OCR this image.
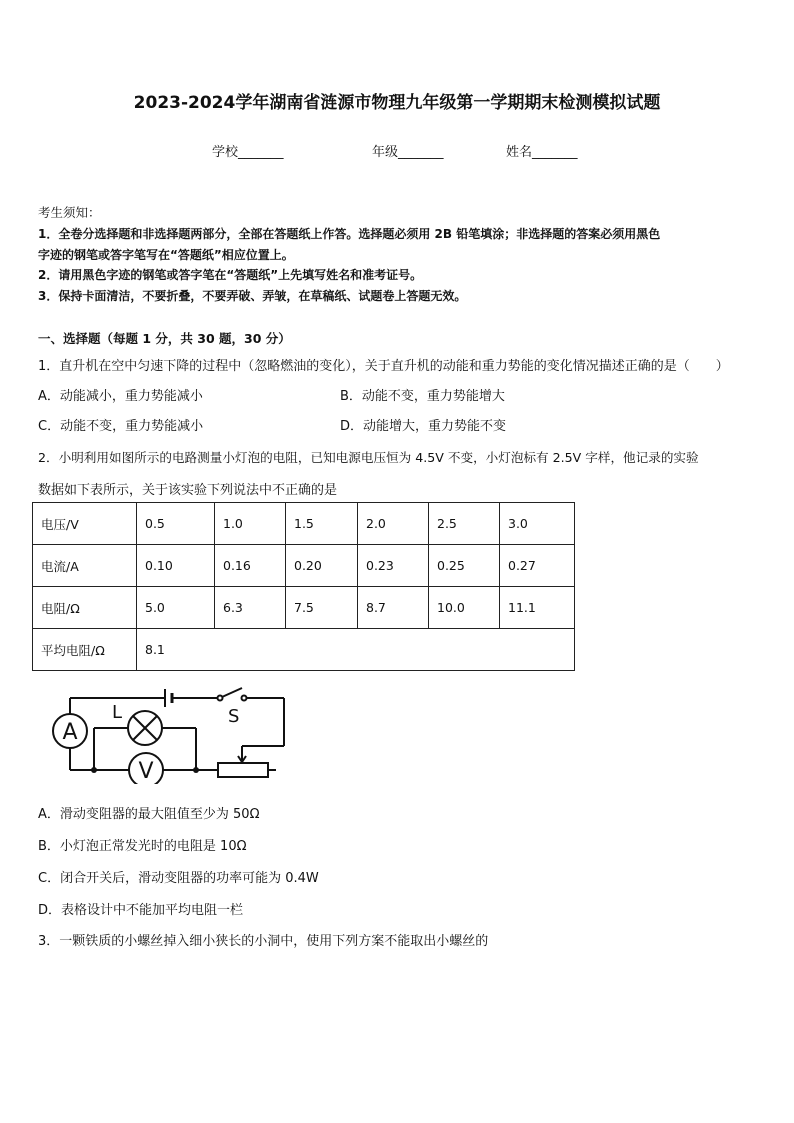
2023-2024学年湖南省涟源市物理九年级第一学期期末检测模拟试题
学校_______	年级_______	姓名_______
考生须知：
1．全卷分选择题和非选择题两部分，全部在答题纸上作答。选择题必须用 2B 铅笔填涂；非选择题的答案必须用黑色
字迹的钢笔或答字笔写在“答题纸”相应位置上。
2．请用黑色字迹的钢笔或答字笔在“答题纸”上先填写姓名和准考证号。
3．保持卡面清洁，不要折叠，不要弄破、弄皱，在草稿纸、试题卷上答题无效。
一、选择题（每题 1 分，共 30 题，30 分）
1．直升机在空中匀速下降的过程中（忽略燃油的变化），关于直升机的动能和重力势能的变化情况描述正确的是（　　）
A．动能减小，重力势能减小	B．动能不变，重力势能增大
C．动能不变，重力势能减小	D．动能增大，重力势能不变
2．小明利用如图所示的电路测量小灯泡的电阻，已知电源电压恒为 4.5V 不变，小灯泡标有 2.5V 字样，他记录的实验
数据如下表所示，关于该实验下列说法中不正确的是
电压/V	0.5	1.0	1.5	2.0	2.5	3.0
电流/A	0.10	0.16	0.20	0.23	0.25	0.27
电阻/Ω	5.0	6.3	7.5	8.7	10.0	11.1
平均电阻/Ω	8.1					
A
V
L	S
A．滑动变阻器的最大阻值至少为 50Ω
B．小灯泡正常发光时的电阻是 10Ω
C．闭合开关后，滑动变阻器的功率可能为 0.4W
D．表格设计中不能加平均电阻一栏
3．一颗铁质的小螺丝掉入细小狭长的小洞中，使用下列方案不能取出小螺丝的
